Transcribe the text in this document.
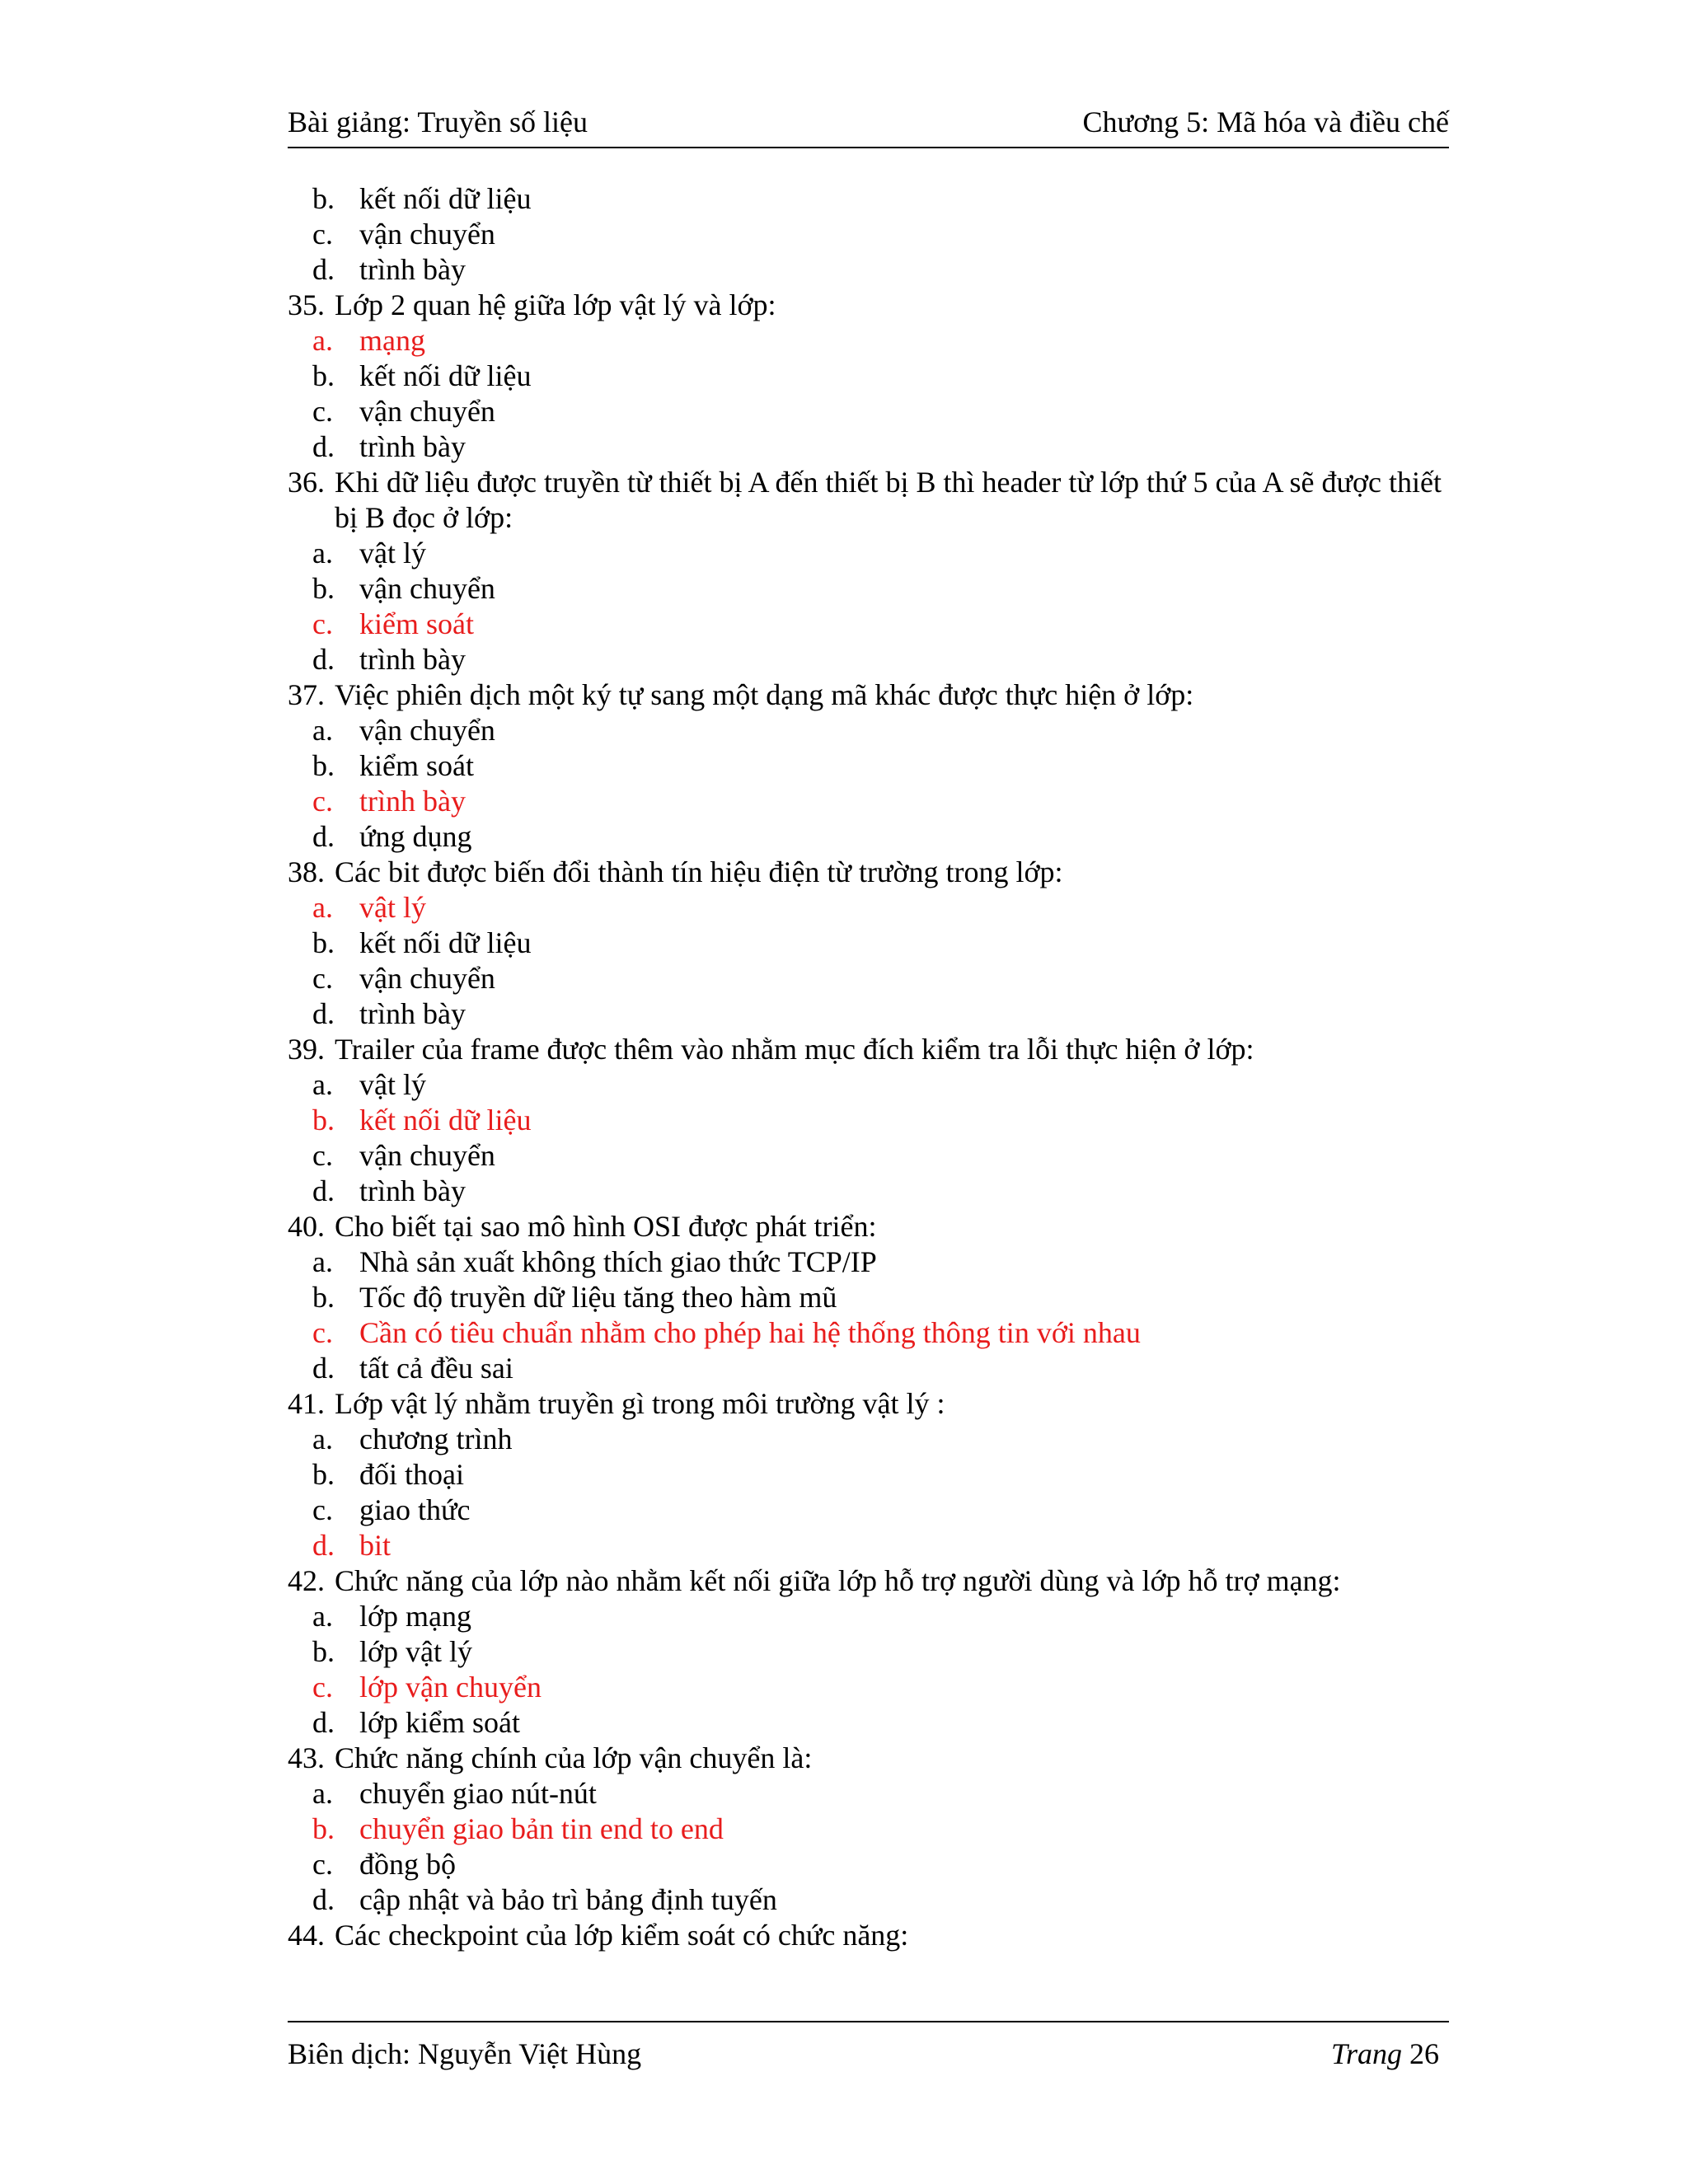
Bài giảng: Truyền số liệu	Chương 5: Mã hóa và điều chế
b. kết nối dữ liệu
c. vận chuyển
d. trình bày
35. Lớp 2 quan hệ giữa lớp vật lý và lớp:
a. mạng
b. kết nối dữ liệu
c. vận chuyển
d. trình bày
36. Khi dữ liệu được truyền từ thiết bị A đến thiết bị B thì header từ lớp thứ 5 của A sẽ được thiết bị B đọc ở lớp:
a. vật lý
b. vận chuyển
c. kiểm soát
d. trình bày
37. Việc phiên dịch một ký tự sang một dạng mã khác được thực hiện ở lớp:
a. vận chuyển
b. kiểm soát
c. trình bày
d. ứng dụng
38. Các bit được biến đổi thành tín hiệu điện từ trường trong lớp:
a. vật lý
b. kết nối dữ liệu
c. vận chuyển
d. trình bày
39. Trailer của frame được thêm vào nhằm mục đích kiểm tra lỗi thực hiện ở lớp:
a. vật lý
b. kết nối dữ liệu
c. vận chuyển
d. trình bày
40. Cho biết tại sao mô hình OSI được phát triển:
a. Nhà sản xuất không thích giao thức TCP/IP
b. Tốc độ truyền dữ liệu tăng theo hàm mũ
c. Cần có tiêu chuẩn nhằm cho phép hai hệ thống thông tin với nhau
d. tất cả đều sai
41. Lớp vật lý nhằm truyền gì trong môi trường vật lý :
a. chương trình
b. đối thoại
c. giao thức
d. bit
42. Chức năng của lớp nào nhằm kết nối giữa lớp hỗ trợ người dùng và lớp hỗ trợ mạng:
a. lớp mạng
b. lớp vật lý
c. lớp vận chuyển
d. lớp kiểm soát
43. Chức năng chính của lớp vận chuyển là:
a. chuyển giao nút-nút
b. chuyển giao bản tin end to end
c. đồng bộ
d. cập nhật và bảo trì bảng định tuyến
44. Các checkpoint của lớp kiểm soát có chức năng:
Biên dịch: Nguyễn Việt Hùng	Trang 26
